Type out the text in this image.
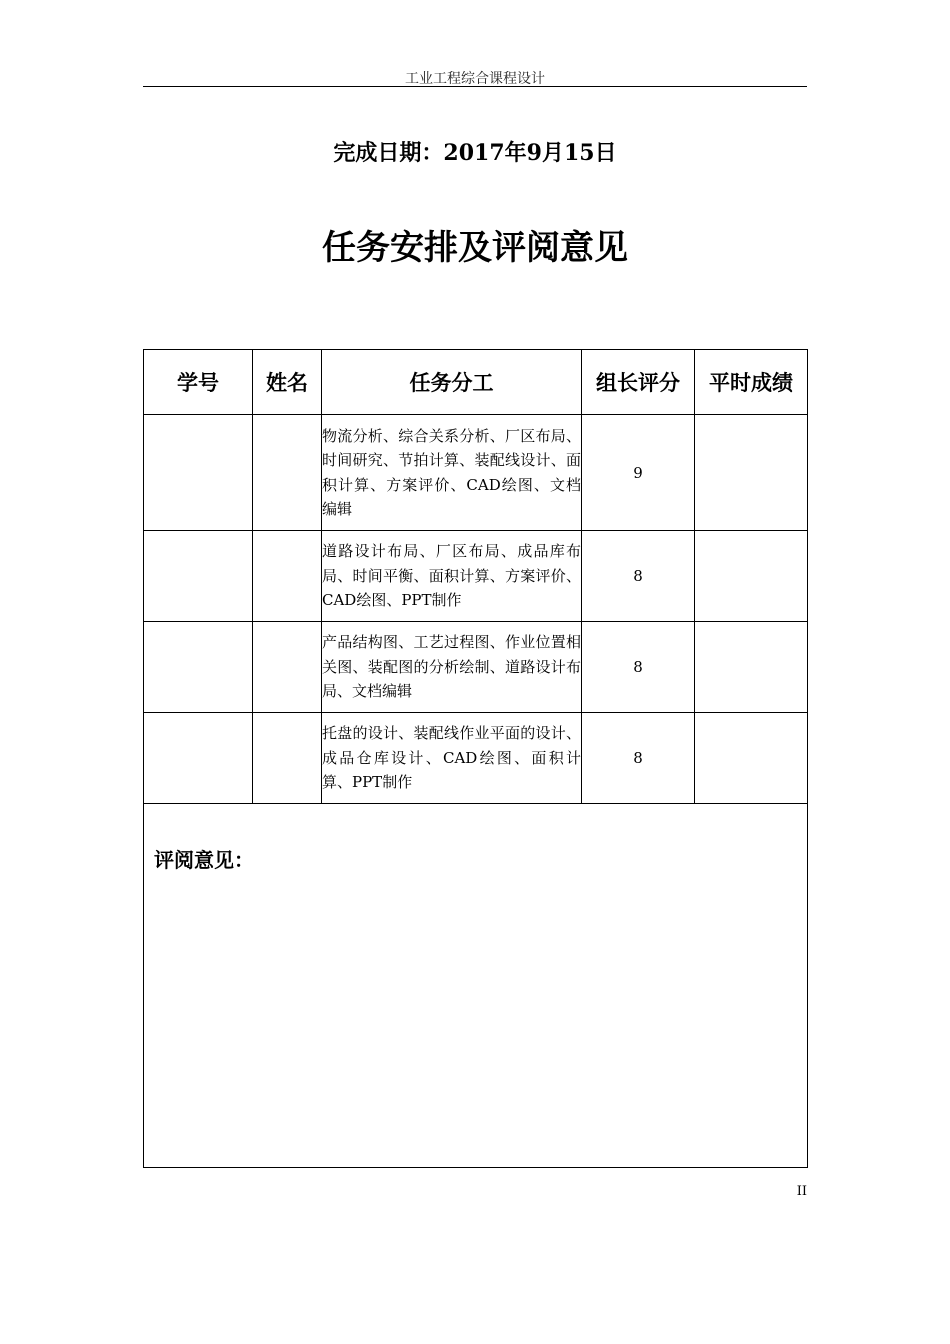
工业工程综合课程设计
完成日期：2017年9月15日
任务安排及评阅意见
学号	姓名	任务分工	组长评分	平时成绩
		物流分析、综合关系分析、厂区布局、时间研究、节拍计算、装配线设计、面积计算、方案评价、CAD绘图、文档编辑	9	
		道路设计布局、厂区布局、成品库布局、时间平衡、面积计算、方案评价、CAD绘图、PPT制作	8	
		产品结构图、工艺过程图、作业位置相关图、装配图的分析绘制、道路设计布局、文档编辑	8	
		托盘的设计、装配线作业平面的设计、成品仓库设计、CAD绘图、面积计算、PPT制作	8	
评阅意见：				
II
